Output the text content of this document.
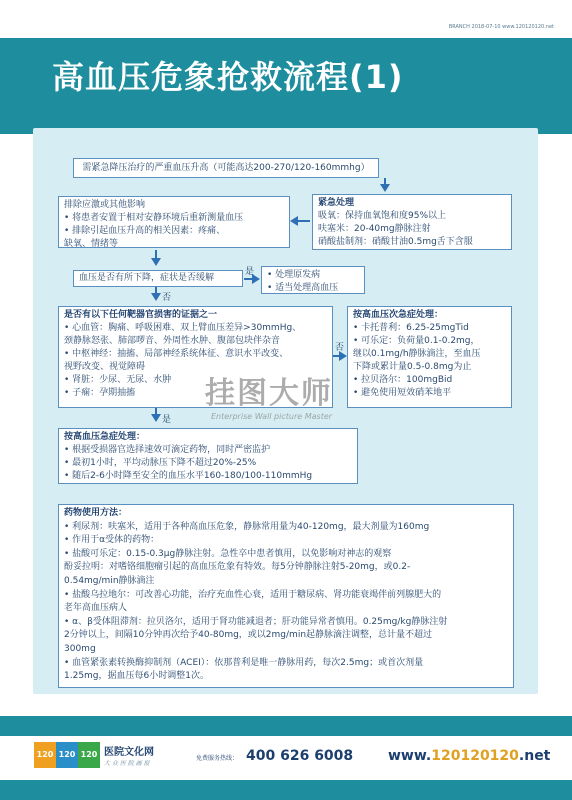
BRANCH 2018-07-10 www.120120120.net
高血压危象抢救流程(1)
需紧急降压治疗的严重血压升高（可能高达200-270/120-160mmhg）
排除应激或其他影响
• 将患者安置于相对安静环境后重新测量血压
• 排除引起血压升高的相关因素：疼痛、
缺氧、情绪等
紧急处理
吸氧：保持血氧饱和度95%以上
呋塞米：20-40mg静脉注射
硝酸盐制剂：硝酸甘油0.5mg舌下含服
血压是否有所下降，症状是否缓解
是 • 处理原发病
• 适当处理高血压
否
是否有以下任何靶器官损害的证据之一
• 心血管：胸痛、呼吸困难、双上臂血压差异>30mmHg、
颈静脉怒张、肺部啰音、外周性水肿、腹部包块伴杂音
• 中枢神经：抽搐、局部神经系统体征、意识水平改变、
视野改变、视觉障碍
• 肾脏：少尿、无尿、水肿
• 子痫：孕期抽搐
否
按高血压次急症处理：
• 卡托普利：6.25-25mgTid
• 可乐定：负荷量0.1-0.2mg，
继以0.1mg/h静脉滴注，至血压
下降或累计量0.5-0.8mg为止
• 拉贝洛尔：100mgBid
• 避免使用短效硝苯地平
是
按高血压急症处理：
• 根据受损器官选择速效可滴定药物，同时严密监护
• 最初1小时，平均动脉压下降不超过20%-25%
• 随后2-6小时降至安全的血压水平160-180/100-110mmHg
药物使用方法：
• 利尿剂：呋塞米，适用于各种高血压危象，静脉常用量为40-120mg，最大剂量为160mg
• 作用于α受体的药物：
• 盐酸可乐定：0.15-0.3μg静脉注射。急性卒中患者慎用，以免影响对神志的观察
酚妥拉明：对嗜铬细胞瘤引起的高血压危象有特效。每5分钟静脉注射5-20mg，或0.2-
0.54mg/min静脉滴注
• 盐酸乌拉地尔：可改善心功能，治疗充血性心衰，适用于糖尿病、肾功能衰竭伴前列腺肥大的
老年高血压病人
• α、β受体阻滞剂：拉贝洛尔，适用于肾功能减退者；肝功能异常者慎用。0.25mg/kg静脉注射
2分钟以上，间隔10分钟再次给予40-80mg，或以2mg/min起静脉滴注调整，总计量不超过
300mg
• 血管紧张素转换酶抑制剂（ACEI）：依那普利是唯一静脉用药，每次2.5mg；或首次剂量
1.25mg，据血压每6小时调整1次。
挂图大师
Enterprise Wall picture Master
120 120 120 医院文化网
大 众 医 院 画 报
免费服务热线： 400 626 6008 www.120120120.net
